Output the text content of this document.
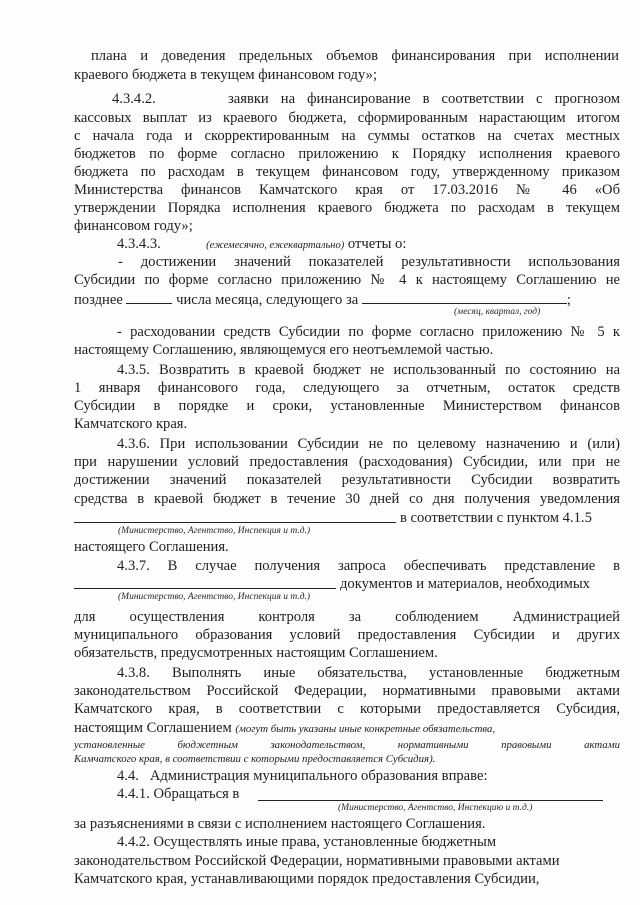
плана и доведения предельных объемов финансирования при исполнении
краевого бюджета в текущем финансовом году»;
4.3.4.2.      заявки на финансирование в соответствии с прогнозом
кассовых выплат из краевого бюджета, сформированным нарастающим итогом
с начала года и скорректированным на суммы остатков на счетах местных
бюджетов по форме согласно приложению к Порядку исполнения краевого
бюджета по расходам в текущем финансовом году, утвержденному приказом
Министерства финансов Камчатского края от 17.03.2016 № 46 «Об
утверждении Порядка исполнения краевого бюджета по расходам в текущем
финансовом году»;
4.3.4.3.	(ежемесячно, ежеквартально) отчеты о:
- достижении значений показателей результативности использования
Субсидии по форме согласно приложению № 4 к настоящему Соглашению не
позднее	числа месяца, следующего за	;
(месяц, квартал, год)
- расходовании средств Субсидии по форме согласно приложению № 5 к
настоящему Соглашению, являющемуся его неотъемлемой частью.
4.3.5. Возвратить в краевой бюджет не использованный по состоянию на
1 января финансового года, следующего за отчетным, остаток средств
Субсидии в порядке и сроки, установленные Министерством финансов
Камчатского края.
4.3.6. При использовании Субсидии не по целевому назначению и (или)
при нарушении условий предоставления (расходования) Субсидии, или при не
достижении значений показателей результативности Субсидии возвратить
средства в краевой бюджет в течение 30 дней со дня получения уведомления
в соответствии с пунктом 4.1.5
(Министерство, Агентство, Инспекция и т.д.)
настоящего Соглашения.
4.3.7. В случае получения запроса обеспечивать представление в
документов и материалов, необходимых
(Министерство, Агентство, Инспекция и т.д.)
для     осуществления     контроля     за     соблюдением     Администрацией
муниципального образования условий предоставления Субсидии и других
обязательств, предусмотренных настоящим Соглашением.
4.3.8.  Выполнять  иные  обязательства,  установленные  бюджетным
законодательством Российской Федерации, нормативными правовыми актами
Камчатского края, в соответствии с которыми предоставляется Субсидия,
настоящим Соглашением (могут быть указаны иные конкретные обязательства,
установленные бюджетным законодательством, нормативными правовыми актами
Камчатского края, в соответствии с которыми предоставляется Субсидия).
4.4.   Администрация муниципального образования вправе:
4.4.1. Обращаться в
(Министерство, Агентство, Инспекцию и т.д.)
за разъяснениями в связи с исполнением настоящего Соглашения.
4.4.2. Осуществлять иные права, установленные бюджетным
законодательством Российской Федерации, нормативными правовыми актами
Камчатского края, устанавливающими порядок предоставления Субсидии,
